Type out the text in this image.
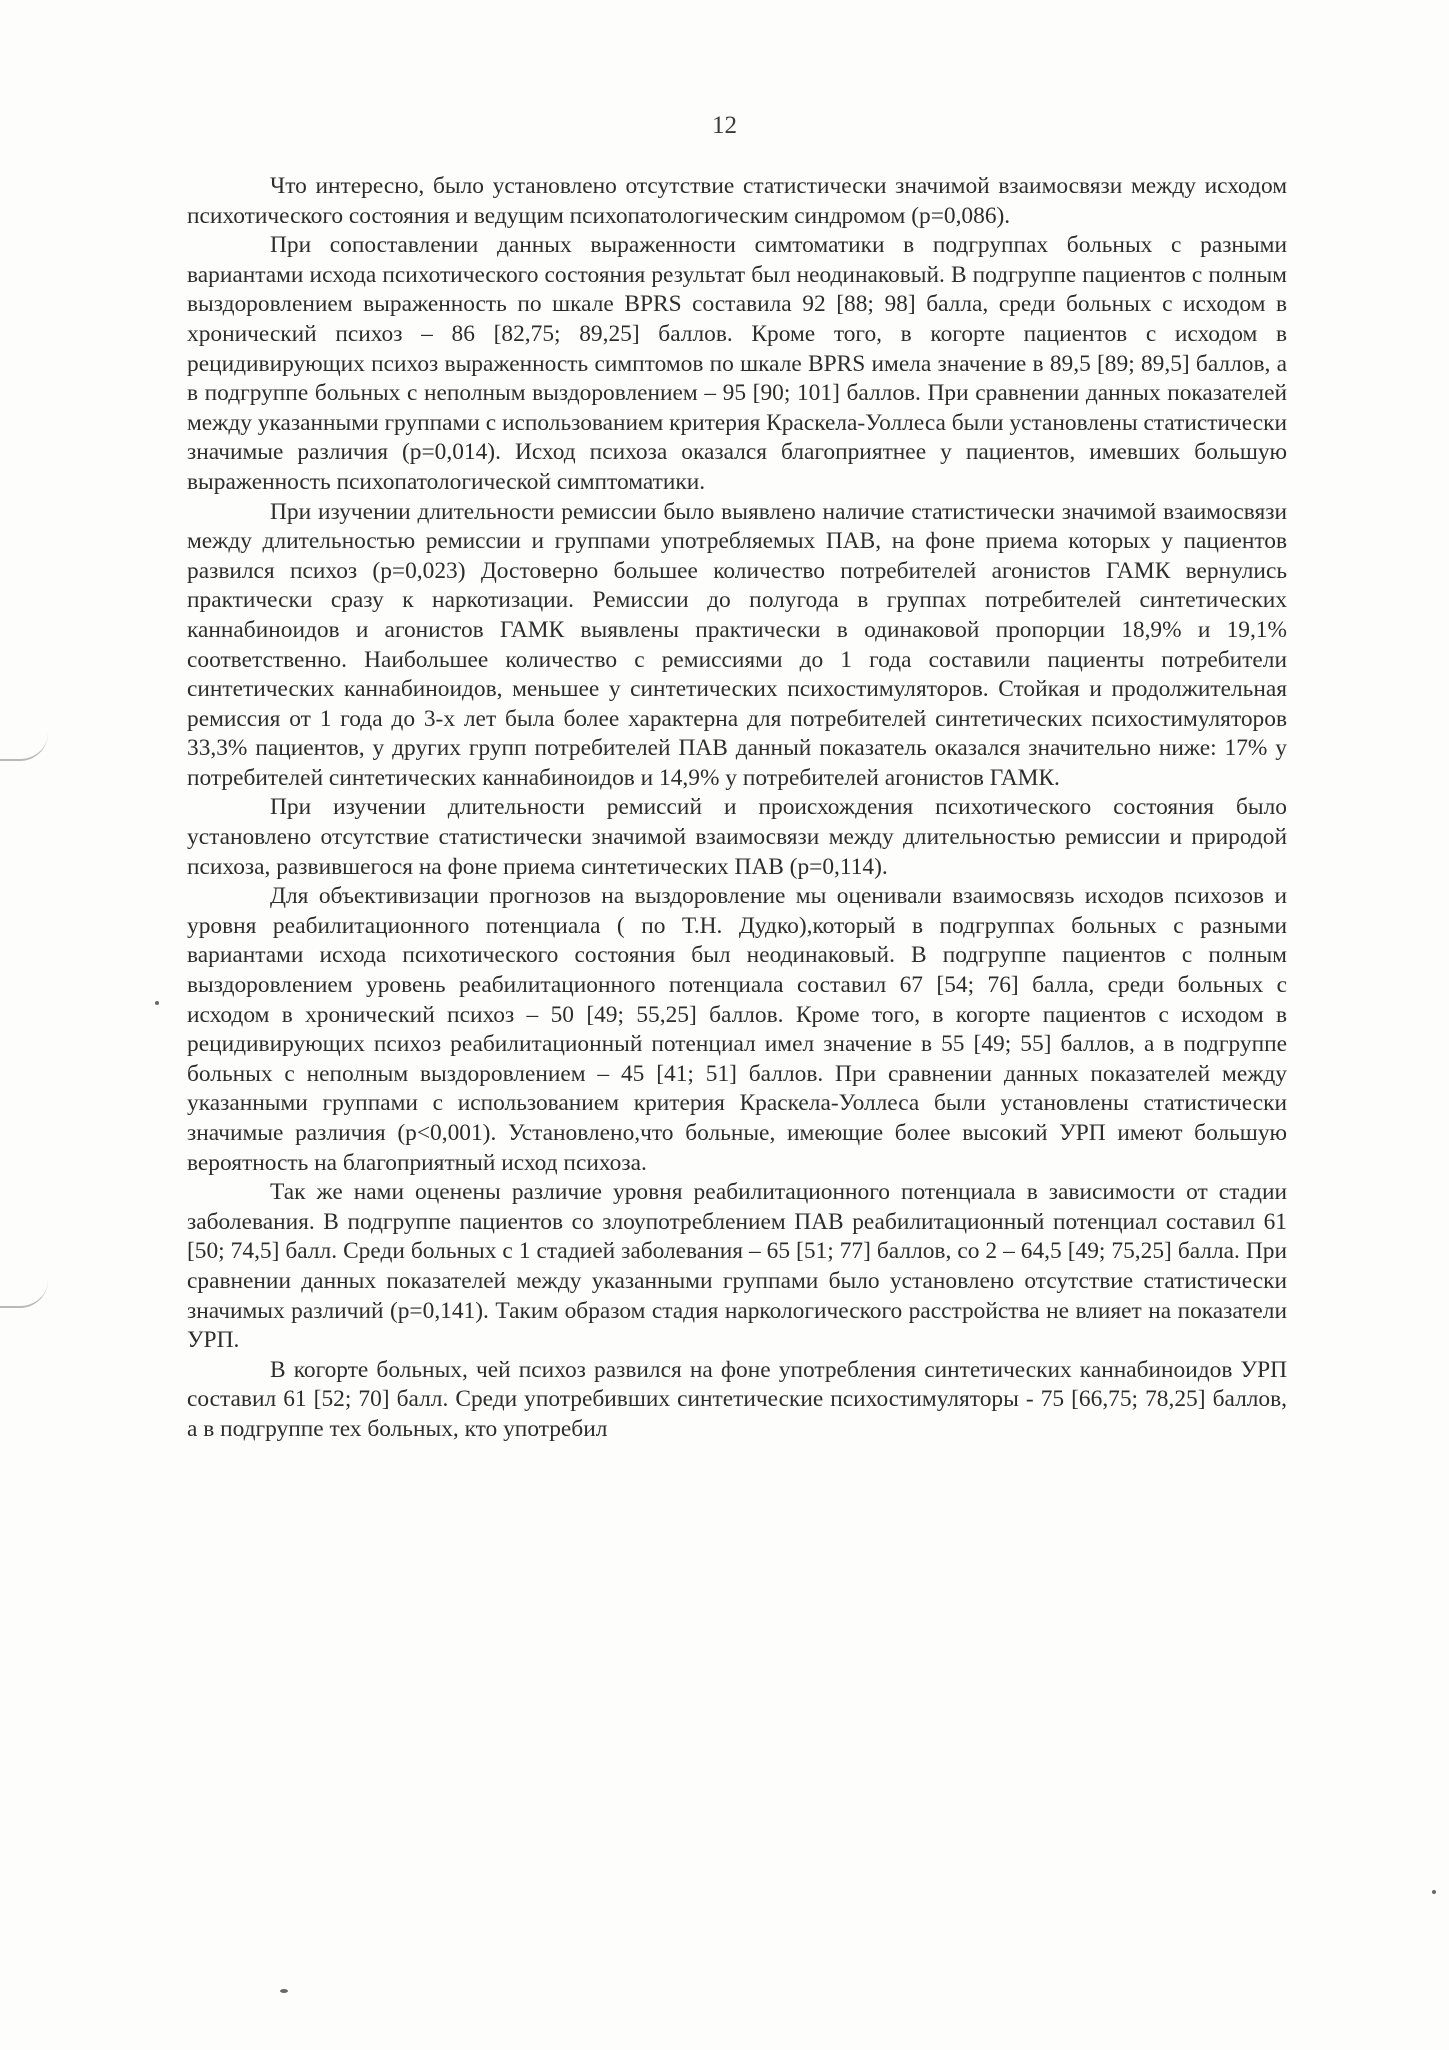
12

Что интересно, было установлено отсутствие статистически значимой взаимосвязи между исходом психотического состояния и ведущим психопатологическим синдромом (p=0,086).

При сопоставлении данных выраженности симтоматики в подгруппах больных с разными вариантами исхода психотического состояния результат был неодинаковый. В подгруппе пациентов с полным выздоровлением выраженность по шкале BPRS составила 92 [88; 98] балла, среди больных с исходом в хронический психоз – 86 [82,75; 89,25] баллов. Кроме того, в когорте пациентов с исходом в рецидивирующих психоз выраженность симптомов по шкале BPRS имела значение в 89,5 [89; 89,5] баллов, а в подгруппе больных с неполным выздоровлением – 95 [90; 101] баллов. При сравнении данных показателей между указанными группами с использованием критерия Краскела-Уоллеса были установлены статистически значимые различия (p=0,014). Исход психоза оказался благоприятнее у пациентов, имевших большую выраженность психопатологической симптоматики.

При изучении длительности ремиссии было выявлено наличие статистически значимой взаимосвязи между длительностью ремиссии и группами употребляемых ПАВ, на фоне приема которых у пациентов развился психоз (p=0,023) Достоверно большее количество потребителей агонистов ГАМК вернулись практически сразу к наркотизации. Ремиссии до полугода в группах потребителей синтетических каннабиноидов и агонистов ГАМК выявлены практически в одинаковой пропорции 18,9% и 19,1% соответственно. Наибольшее количество с ремиссиями до 1 года составили пациенты потребители синтетических каннабиноидов, меньшее у синтетических психостимуляторов. Стойкая и продолжительная ремиссия от 1 года до 3-х лет была более характерна для потребителей синтетических психостимуляторов 33,3% пациентов, у других групп потребителей ПАВ данный показатель оказался значительно ниже: 17% у потребителей синтетических каннабиноидов и 14,9% у потребителей агонистов ГАМК.

При изучении длительности ремиссий и происхождения психотического состояния было установлено отсутствие статистически значимой взаимосвязи между длительностью ремиссии и природой психоза, развившегося на фоне приема синтетических ПАВ (p=0,114).

Для объективизации прогнозов на выздоровление мы оценивали взаимосвязь исходов психозов и уровня реабилитационного потенциала ( по Т.Н. Дудко),который в подгруппах больных с разными вариантами исхода психотического состояния был неодинаковый. В подгруппе пациентов с полным выздоровлением уровень реабилитационного потенциала составил 67 [54; 76] балла, среди больных с исходом в хронический психоз – 50 [49; 55,25] баллов. Кроме того, в когорте пациентов с исходом в рецидивирующих психоз реабилитационный потенциал имел значение в 55 [49; 55] баллов, а в подгруппе больных с неполным выздоровлением – 45 [41; 51] баллов. При сравнении данных показателей между указанными группами с использованием критерия Краскела-Уоллеса были установлены статистически значимые различия (p<0,001). Установлено,что больные, имеющие более высокий УРП имеют большую вероятность на благоприятный исход психоза.

Так же нами оценены различие уровня реабилитационного потенциала в зависимости от стадии заболевания. В подгруппе пациентов со злоупотреблением ПАВ реабилитационный потенциал составил 61 [50; 74,5] балл. Среди больных с 1 стадией заболевания – 65 [51; 77] баллов, со 2 – 64,5 [49; 75,25] балла. При сравнении данных показателей между указанными группами было установлено отсутствие статистически значимых различий (p=0,141). Таким образом стадия наркологического расстройства не влияет на показатели УРП.

В когорте больных, чей психоз развился на фоне употребления синтетических каннабиноидов УРП составил 61 [52; 70] балл. Среди употребивших синтетические психостимуляторы - 75 [66,75; 78,25] баллов, а в подгруппе тех больных, кто употребил
